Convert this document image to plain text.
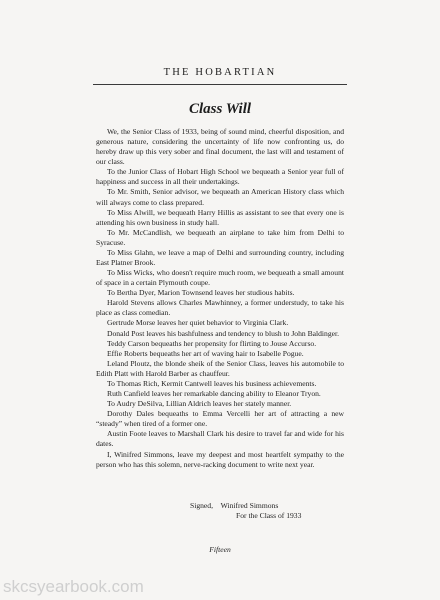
THE HOBARTIAN
Class Will

We, the Senior Class of 1933, being of sound mind, cheerful disposition, and generous nature, considering the uncertainty of life now confronting us, do hereby draw up this very sober and final document, the last will and testament of our class.

To the Junior Class of Hobart High School we bequeath a Senior year full of happiness and success in all their undertakings.

To Mr. Smith, Senior advisor, we bequeath an American History class which will always come to class prepared.

To Miss Alwill, we bequeath Harry Hillis as assistant to see that every one is attending his own business in study hall.

To Mr. McCandlish, we bequeath an airplane to take him from Delhi to Syracuse.

To Miss Glahn, we leave a map of Delhi and surrounding country, including East Platner Brook.

To Miss Wicks, who doesn't require much room, we bequeath a small amount of space in a certain Plymouth coupe.

To Bertha Dyer, Marion Townsend leaves her studious habits.

Harold Stevens allows Charles Mawhinney, a former understudy, to take his place as class comedian.

Gertrude Morse leaves her quiet behavior to Virginia Clark.

Donald Post leaves his bashfulness and tendency to blush to John Baldinger.

Teddy Carson bequeaths her propensity for flirting to Jouse Accurso.

Effie Roberts bequeaths her art of waving hair to Isabelle Pogue.

Leland Ploutz, the blonde sheik of the Senior Class, leaves his automobile to Edith Platt with Harold Barber as chauffeur.

To Thomas Rich, Kermit Cantwell leaves his business achievements.

Ruth Canfield leaves her remarkable dancing ability to Eleanor Tryon.

To Audry DeSilva, Lillian Aldrich leaves her stately manner.

Dorothy Dales bequeaths to Emma Vercelli her art of attracting a new “steady” when tired of a former one.

Austin Foote leaves to Marshall Clark his desire to travel far and wide for his dates.

I, Winifred Simmons, leave my deepest and most heartfelt sympathy to the person who has this solemn, nerve-racking document to write next year.

Signed, Winifred Simmons
For the Class of 1933
Fifteen
skcsyearbook.com
